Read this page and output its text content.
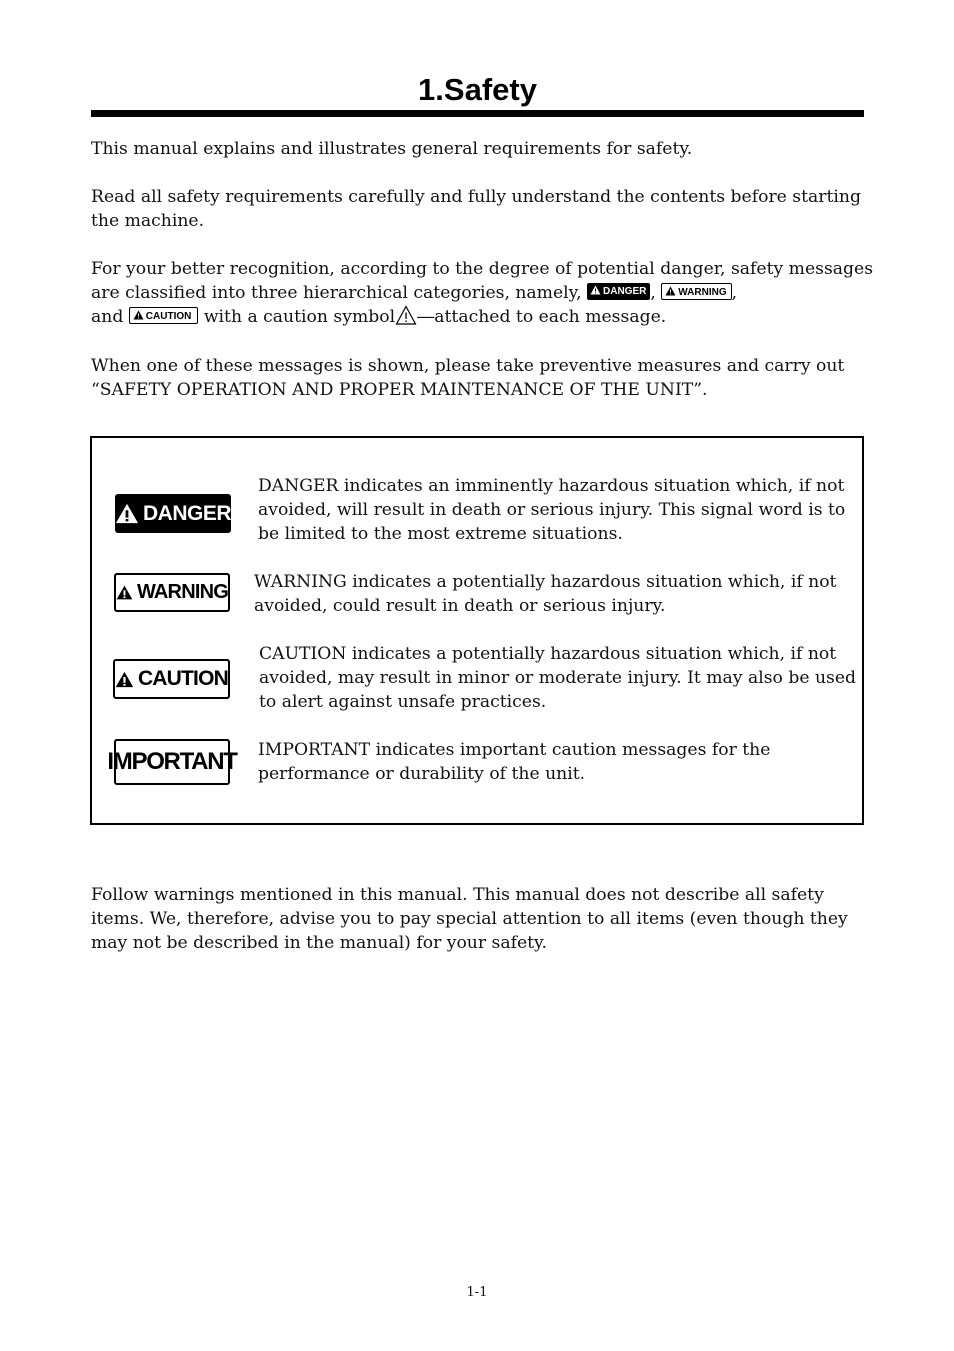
1.Safety

This manual explains and illustrates general requirements for safety.

Read all safety requirements carefully and fully understand the contents before starting the machine.

For your better recognition, according to the degree of potential danger, safety messages are classified into three hierarchical categories, namely, DANGER , WARNING ,
and CAUTION with a caution symbol ―attached to each message.

When one of these messages is shown, please take preventive measures and carry out “SAFETY OPERATION AND PROPER MAINTENANCE OF THE UNIT”.

DANGER

DANGER indicates an imminently hazardous situation which, if not avoided, will result in death or serious injury. This signal word is to be limited to the most extreme situations.

WARNING WARNING indicates a potentially hazardous situation which, if not avoided, could result in death or serious injury.

CAUTION

CAUTION indicates a potentially hazardous situation which, if not avoided, may result in minor or moderate injury. It may also be used to alert against unsafe practices.

IMPORTANT IMPORTANT indicates important caution messages for the performance or durability of the unit.

Follow warnings mentioned in this manual. This manual does not describe all safety items. We, therefore, advise you to pay special attention to all items (even though they may not be described in the manual) for your safety.

1-1
